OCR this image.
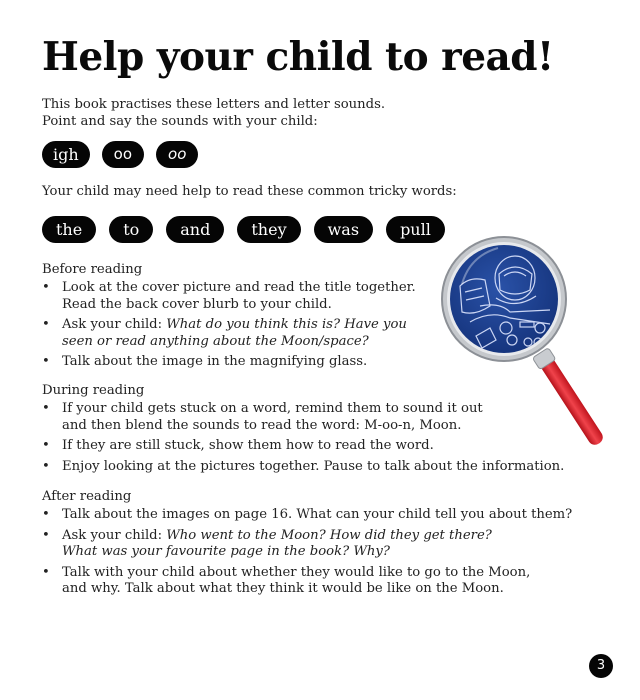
Help your child to read!
This book practises these letters and letter sounds.
Point and say the sounds with your child:
igh	oo	oo
Your child may need help to read these common tricky words:
the	to	and	they	was	pull
Before reading
• Look at the cover picture and read the title together.
Read the back cover blurb to your child.
• Ask your child: What do you think this is? Have you
seen or read anything about the Moon/space?
• Talk about the image in the magnifying glass.
During reading
• If your child gets stuck on a word, remind them to sound it out
and then blend the sounds to read the word: M-oo-n, Moon.
• If they are still stuck, show them how to read the word.
• Enjoy looking at the pictures together. Pause to talk about the information.
After reading
• Talk about the images on page 16. What can your child tell you about them?
• Ask your child: Who went to the Moon? How did they get there?
What was your favourite page in the book? Why?
• Talk with your child about whether they would like to go to the Moon,
and why. Talk about what they think it would be like on the Moon.
3
